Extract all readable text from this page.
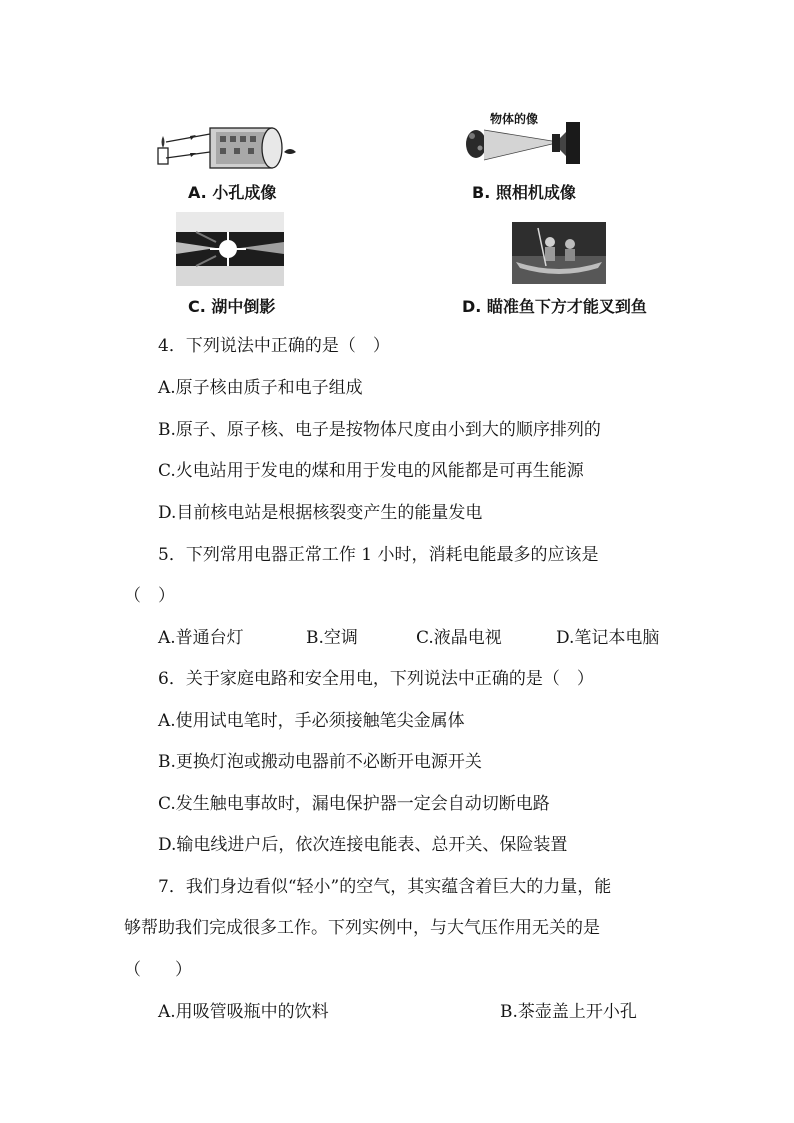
A. 小孔成像
物体的像
B. 照相机成像
C. 湖中倒影	D. 瞄准鱼下方才能叉到鱼
4．下列说法中正确的是（　）
A.原子核由质子和电子组成
B.原子、原子核、电子是按物体尺度由小到大的顺序排列的
C.火电站用于发电的煤和用于发电的风能都是可再生能源
D.目前核电站是根据核裂变产生的能量发电
5．下列常用电器正常工作 1 小时，消耗电能最多的应该是
（　）
A.普通台灯	B.空调	C.液晶电视	D.笔记本电脑
6．关于家庭电路和安全用电，下列说法中正确的是（　）
A.使用试电笔时，手必须接触笔尖金属体
B.更换灯泡或搬动电器前不必断开电源开关
C.发生触电事故时，漏电保护器一定会自动切断电路
D.输电线进户后，依次连接电能表、总开关、保险装置
7．我们身边看似“轻小”的空气，其实蕴含着巨大的力量，能
够帮助我们完成很多工作。下列实例中，与大气压作用无关的是
（　　）
A.用吸管吸瓶中的饮料	B.茶壶盖上开小孔
